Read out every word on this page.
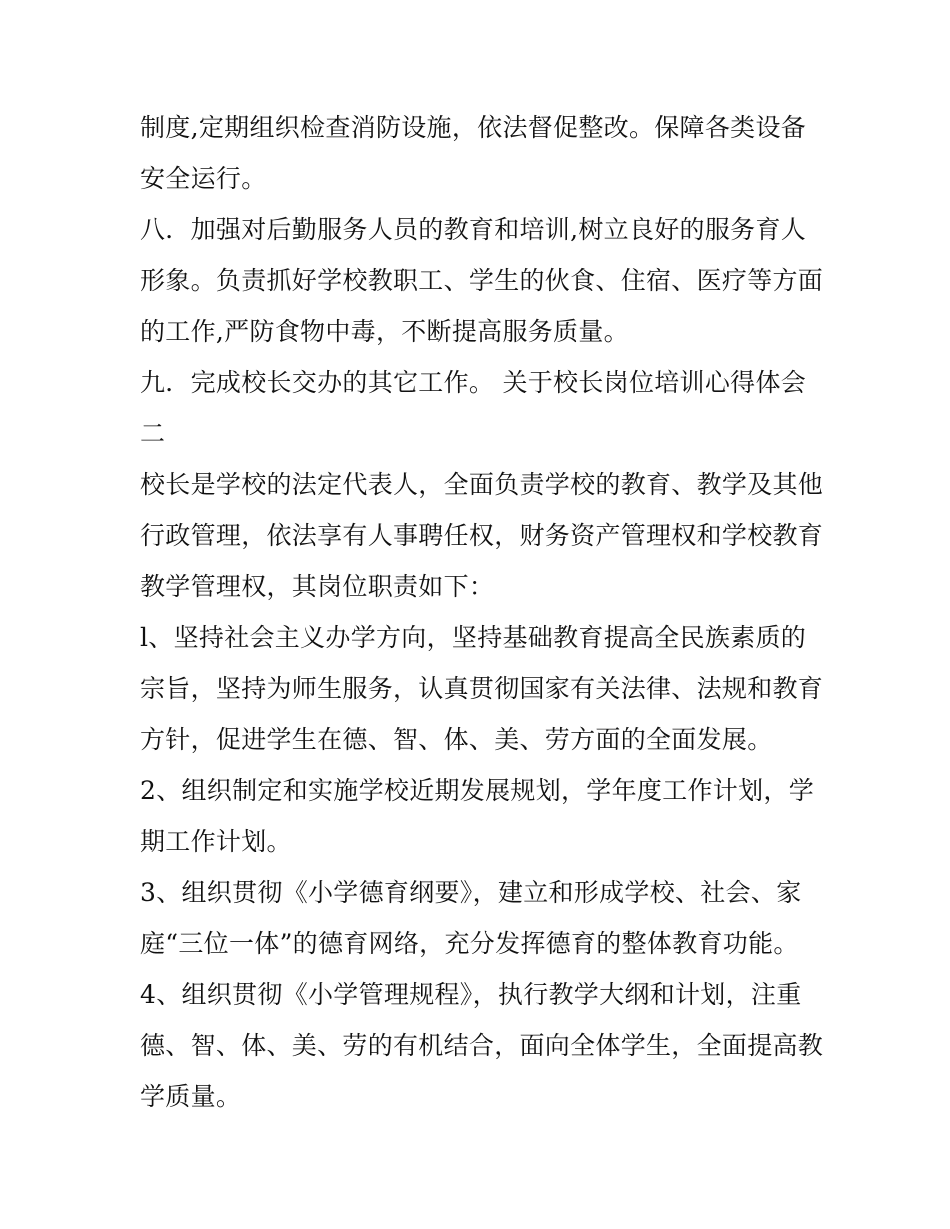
制度,定期组织检查消防设施，依法督促整改。保障各类设备
安全运行。

八．加强对后勤服务人员的教育和培训,树立良好的服务育人
形象。负责抓好学校教职工、学生的伙食、住宿、医疗等方面
的工作,严防食物中毒，不断提高服务质量。

九．完成校长交办的其它工作。 关于校长岗位培训心得体会
二

校长是学校的法定代表人，全面负责学校的教育、教学及其他
行政管理，依法享有人事聘任权，财务资产管理权和学校教育
教学管理权，其岗位职责如下：

l、坚持社会主义办学方向，坚持基础教育提高全民族素质的
宗旨，坚持为师生服务，认真贯彻国家有关法律、法规和教育
方针，促进学生在德、智、体、美、劳方面的全面发展。

2、组织制定和实施学校近期发展规划，学年度工作计划，学
期工作计划。

3、组织贯彻《小学德育纲要》，建立和形成学校、社会、家
庭“三位一体”的德育网络，充分发挥德育的整体教育功能。

4、组织贯彻《小学管理规程》，执行教学大纲和计划，注重
德、智、体、美、劳的有机结合，面向全体学生，全面提高教
学质量。
